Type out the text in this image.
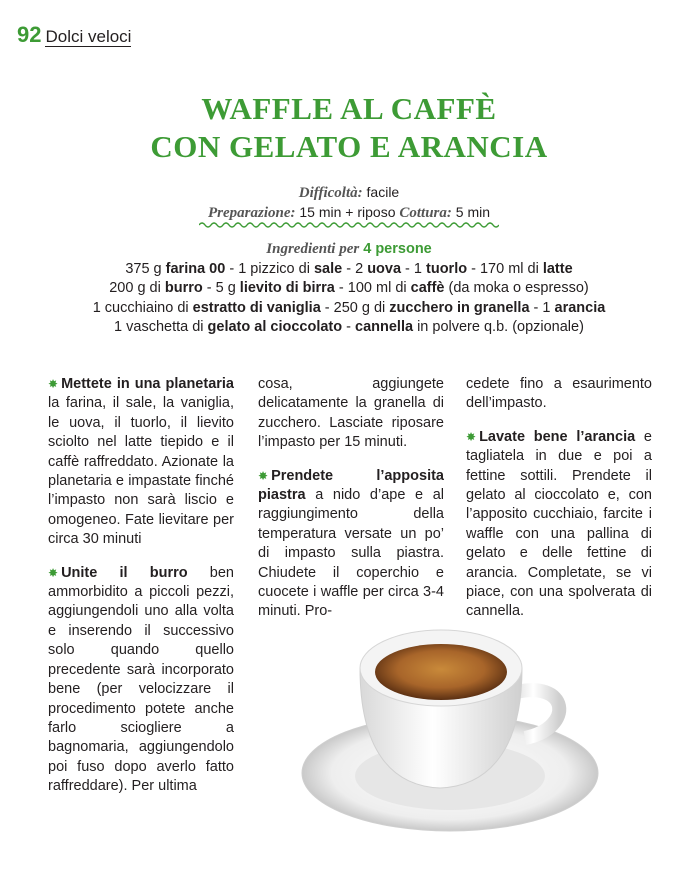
92 Dolci veloci
WAFFLE AL CAFFÈ
CON GELATO E ARANCIA
Difficoltà: facile
Preparazione: 15 min + riposo Cottura: 5 min
Ingredienti per 4 persone
375 g farina 00 - 1 pizzico di sale - 2 uova - 1 tuorlo - 170 ml di latte
200 g di burro - 5 g lievito di birra - 100 ml di caffè (da moka o espresso)
1 cucchiaino di estratto di vaniglia - 250 g di zucchero in granella - 1 arancia
1 vaschetta di gelato al cioccolato - cannella in polvere q.b. (opzionale)

✸ Mettete in una planetaria la farina, il sale, la vaniglia, le uova, il tuorlo, il lievito sciolto nel latte tiepido e il caffè raffreddato. Azionate la planetaria e impastate finché l’impasto non sarà liscio e omogeneo. Fate lievitare per circa 30 minuti

✸ Unite il burro ben ammorbidito a piccoli pezzi, aggiungendoli uno alla volta e inserendo il successivo solo quando quello precedente sarà incorporato bene (per velocizzare il procedimento potete anche farlo sciogliere a bagnomaria, aggiungendolo poi fuso dopo averlo fatto raffreddare). Per ultima

cosa, aggiungete delicatamente la granella di zucchero. Lasciate riposare l’impasto per 15 minuti.

✸ Prendete l’apposita piastra a nido d’ape e al raggiungimento della temperatura versate un po’ di impasto sulla piastra. Chiudete il coperchio e cuocete i waffle per circa 3-4 minuti. Pro-

cedete fino a esaurimento dell’impasto.

✸ Lavate bene l’arancia e tagliatela in due e poi a fettine sottili. Prendete il gelato al cioccolato e, con l’apposito cucchiaio, farcite i waffle con una pallina di gelato e delle fettine di arancia. Completate, se vi piace, con una spolverata di cannella.
